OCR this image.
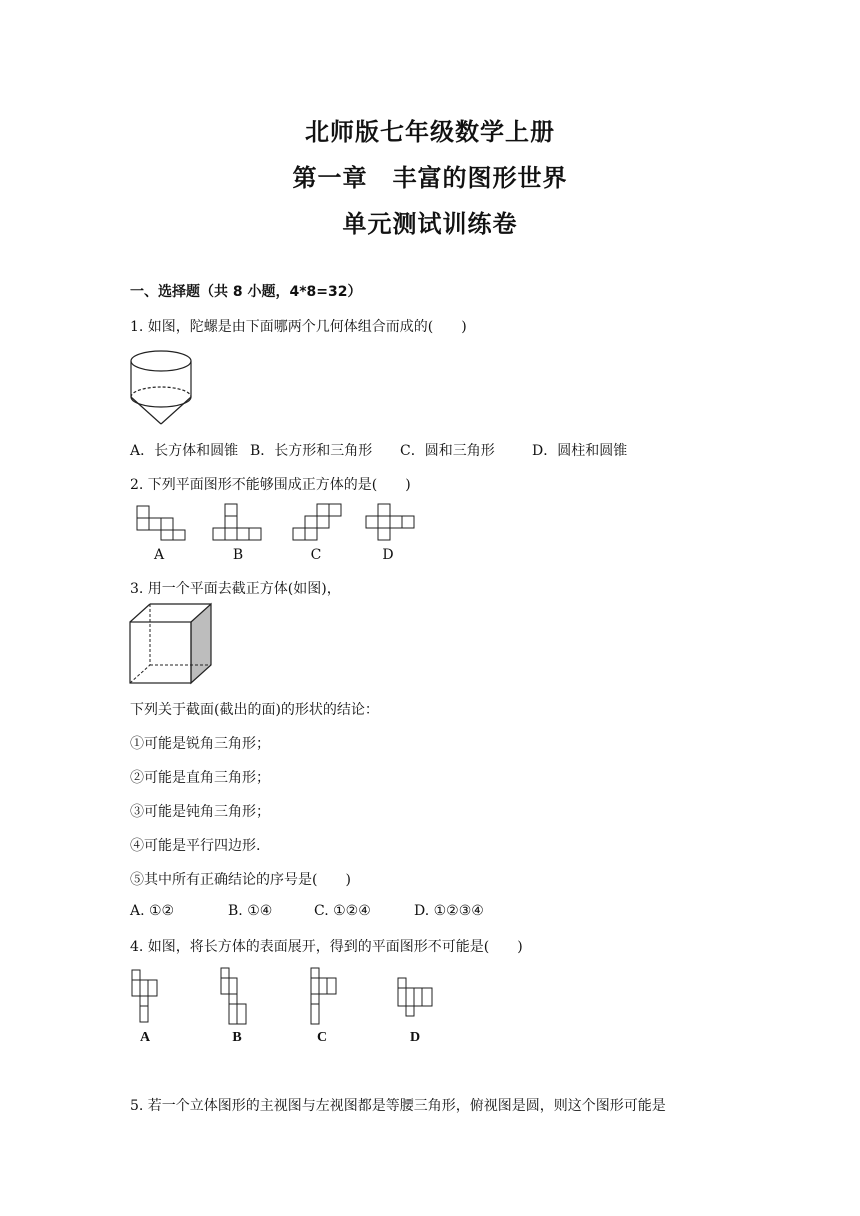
北师版七年级数学上册
第一章　丰富的图形世界
单元测试训练卷
一、选择题（共 8 小题，4*8=32）
1. 如图，陀螺是由下面哪两个几何体组合而成的(　　)
A．长方体和圆锥 B．长方形和三角形 C．圆和三角形	D．圆柱和圆锥
2. 下列平面图形不能够围成正方体的是(　　)
A	B	C	D
3. 用一个平面去截正方体(如图)，
下列关于截面(截出的面)的形状的结论：
①可能是锐角三角形；
②可能是直角三角形；
③可能是钝角三角形；
④可能是平行四边形.
⑤其中所有正确结论的序号是(　　)
A. ①②	B. ①④	C. ①②④	D. ①②③④
4. 如图，将长方体的表面展开，得到的平面图形不可能是(　　)
A	B	C	D
5. 若一个立体图形的主视图与左视图都是等腰三角形，俯视图是圆，则这个图形可能是
